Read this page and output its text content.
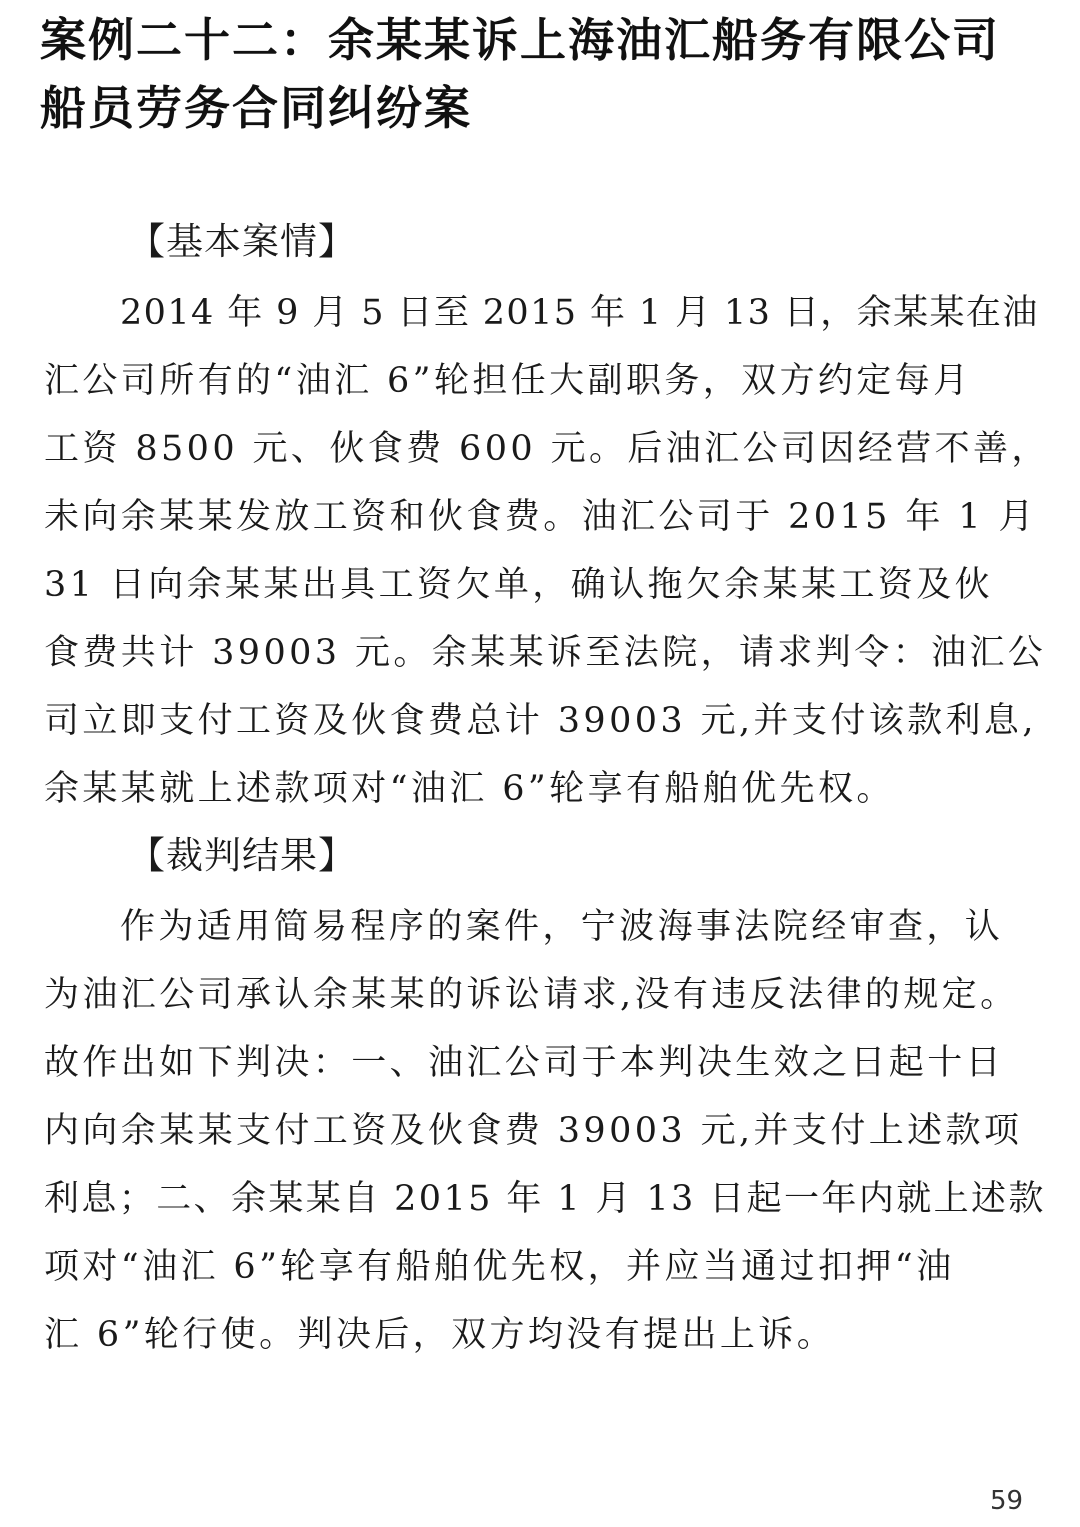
案例二十二：余某某诉上海油汇船务有限公司
船员劳务合同纠纷案
【基本案情】
2014 年 9 月 5 日至 2015 年 1 月 13 日，余某某在油
汇公司所有的“油汇 6”轮担任大副职务，双方约定每月
工资 8500 元、伙食费 600 元。后油汇公司因经营不善，
未向余某某发放工资和伙食费。油汇公司于 2015 年 1 月
31 日向余某某出具工资欠单，确认拖欠余某某工资及伙
食费共计 39003 元。余某某诉至法院，请求判令：油汇公
司立即支付工资及伙食费总计 39003 元,并支付该款利息,
余某某就上述款项对“油汇 6”轮享有船舶优先权。
【裁判结果】
作为适用简易程序的案件，宁波海事法院经审查，认
为油汇公司承认余某某的诉讼请求,没有违反法律的规定。
故作出如下判决：一、油汇公司于本判决生效之日起十日
内向余某某支付工资及伙食费 39003 元,并支付上述款项
利息；二、余某某自 2015 年 1 月 13 日起一年内就上述款
项对“油汇 6”轮享有船舶优先权，并应当通过扣押“油
汇 6”轮行使。判决后，双方均没有提出上诉。
59
